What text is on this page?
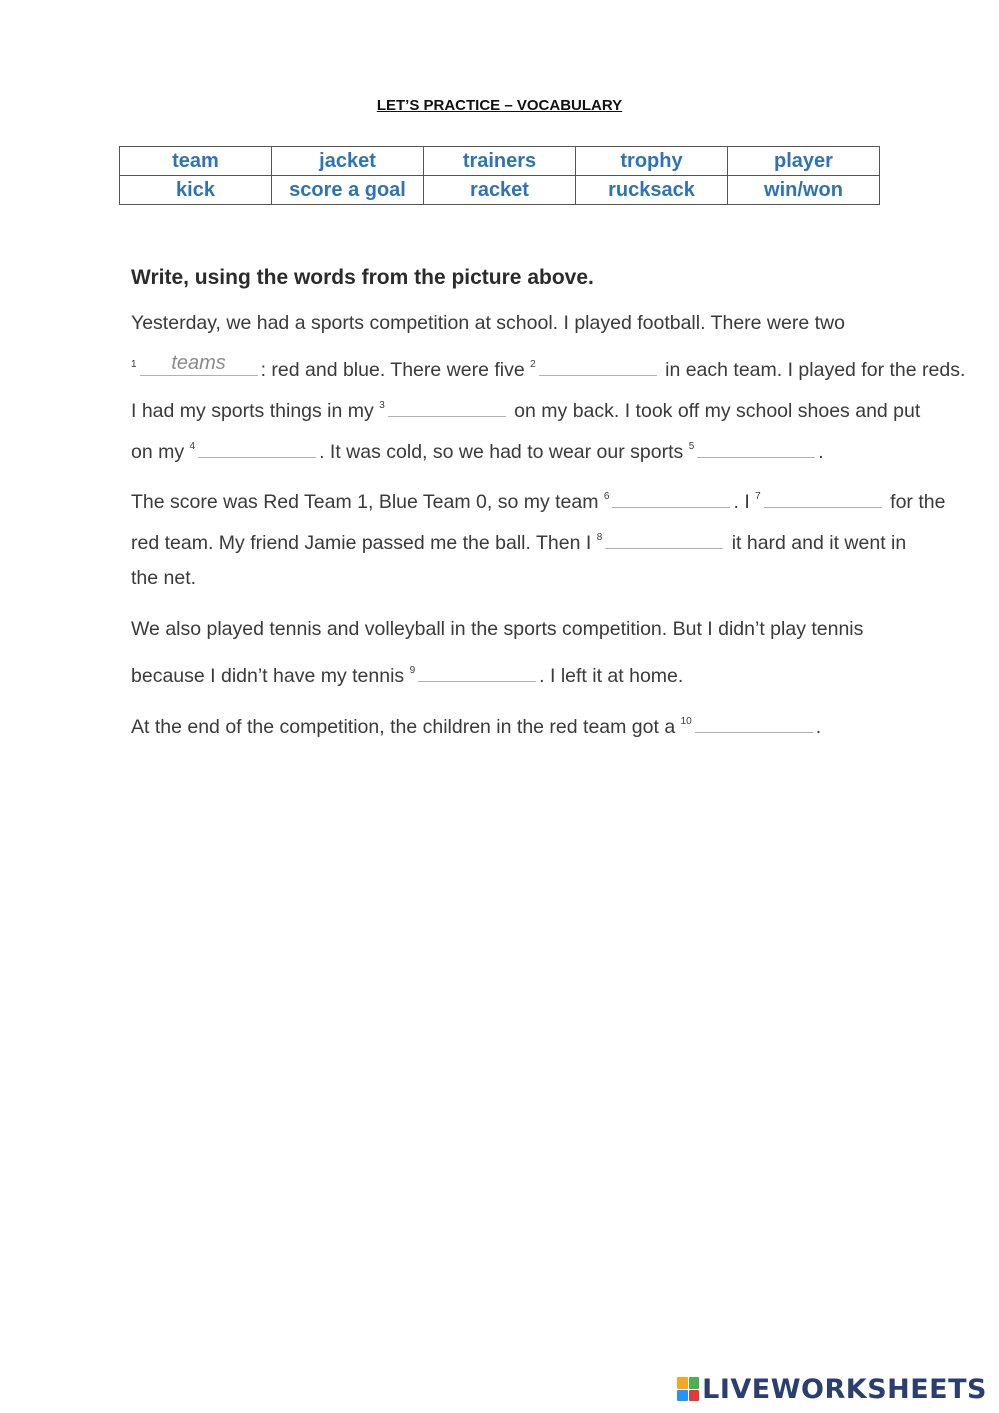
LET’S PRACTICE – VOCABULARY
team	jacket	trainers	trophy	player
kick	score a goal	racket	rucksack	win/won
Write, using the words from the picture above.
Yesterday, we had a sports competition at school. I played football. There were two
$^1$	teams	: red and blue. There were five $^2$	in each team. I played for the reds.
I had my sports things in my $^3$	on my back. I took off my school shoes and put
on my $^4$	. It was cold, so we had to wear our sports $^5$	.
The score was Red Team 1, Blue Team 0, so my team $^6$	. I $^7$	for the
red team. My friend Jamie passed me the ball. Then I $^8$	it hard and it went in
the net.
We also played tennis and volleyball in the sports competition. But I didn’t play tennis
because I didn’t have my tennis $^9$	. I left it at home.
At the end of the competition, the children in the red team got a $^{10}$	.
LIVEWORKSHEETS
